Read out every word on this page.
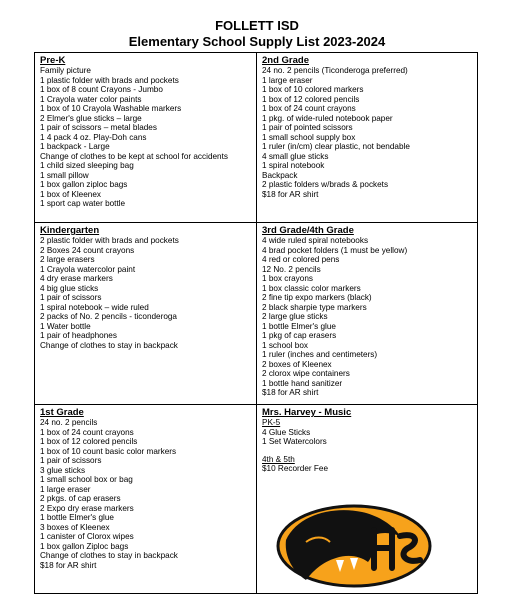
FOLLETT ISD
Elementary School Supply List 2023-2024
Pre-K
Family picture
1 plastic folder with brads and pockets
1 box of 8 count Crayons - Jumbo
1 Crayola water color paints
1 box of 10 Crayola Washable markers
2 Elmer's glue sticks – large
1 pair of scissors – metal blades
1 4 pack 4 oz. Play-Doh cans
1 backpack - Large
Change of clothes to be kept at school for accidents
1 child sized sleeping bag
1 small pillow
1 box gallon ziploc bags
1 box of Kleenex
1 sport cap water bottle
2nd Grade
24 no. 2 pencils (Ticonderoga preferred)
1 large eraser
1 box of 10 colored markers
1 box of 12 colored pencils
1 box of 24 count crayons
1 pkg. of wide-ruled notebook paper
1 pair of pointed scissors
1 small school supply box
1 ruler (in/cm) clear plastic, not bendable
4 small glue sticks
1 spiral notebook
Backpack
2 plastic folders w/brads & pockets
$18 for AR shirt
Kindergarten
2 plastic folder with brads and pockets
2 Boxes 24 count crayons
2 large erasers
1 Crayola watercolor paint
4 dry erase markers
4 big glue sticks
1 pair of scissors
1 spiral notebook – wide ruled
2 packs of No. 2 pencils - ticonderoga
1 Water bottle
1 pair of headphones
Change of clothes to stay in backpack
3rd Grade/4th Grade
4 wide ruled spiral notebooks
4 brad pocket folders (1 must be yellow)
4 red or colored pens
12 No. 2 pencils
1 box crayons
1 box classic color markers
2 fine tip expo markers (black)
2 black sharpie type markers
2 large glue sticks
1 bottle Elmer's glue
1 pkg of cap erasers
1 school box
1 ruler (inches and centimeters)
2 boxes of Kleenex
2 clorox wipe containers
1 bottle hand sanitizer
$18 for AR shirt
1st Grade
24 no. 2 pencils
1 box of 24 count crayons
1 box of 12 colored pencils
1 box of 10 count basic color markers
1 pair of scissors
3 glue sticks
1 small school box or bag
1 large eraser
2 pkgs. of cap erasers
2 Expo dry erase markers
1 bottle Elmer's glue
3 boxes of Kleenex
1 canister of Clorox wipes
1 box gallon Ziploc bags
Change of clothes to stay in backpack
$18 for AR shirt
Mrs. Harvey - Music
PK-5
4 Glue Sticks
1 Set Watercolors
4th & 5th
$10 Recorder Fee
